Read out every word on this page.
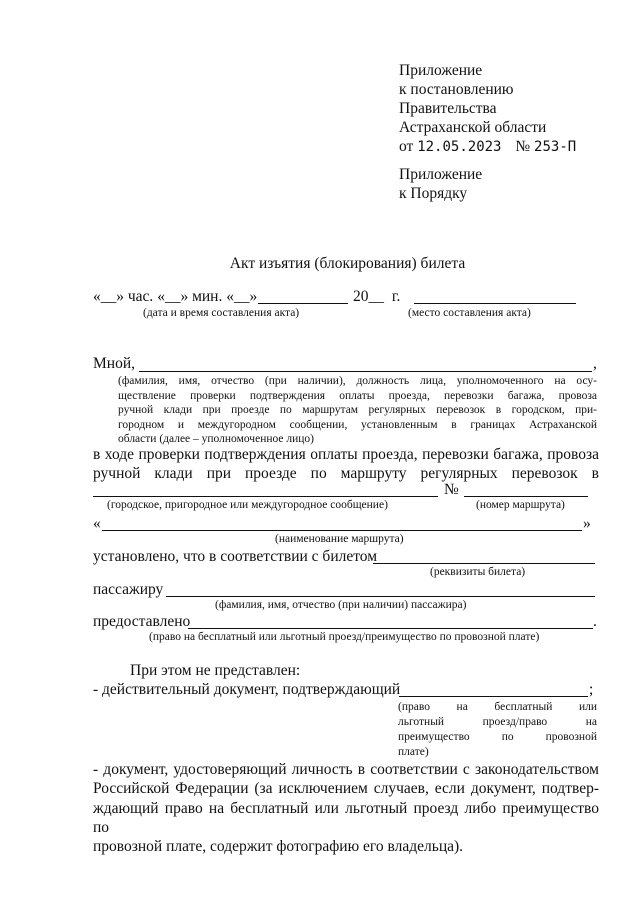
Приложение
к постановлению
Правительства
Астраханской области
от 12.05.2023 № 253-П
Приложение
к Порядку
Акт изъятия (блокирования) билета
«__» час. «__» мин. «__»	20__ г.
(дата и время составления акта)	(место составления акта)
Мной,	,
(фамилия, имя, отчество (при наличии), должность лица, уполномоченного на осу-
ществление проверки подтверждения оплаты проезда, перевозки багажа, провоза
ручной клади при проезде по маршрутам регулярных перевозок в городском, при-
городном и междугородном сообщении, установленным в границах Астраханской
области (далее – уполномоченное лицо)
в ходе проверки подтверждения оплаты проезда, перевозки багажа, провоза
ручной клади при проезде по маршруту регулярных перевозок в
№
(городское, пригородное или междугородное сообщение)	(номер маршрута)
«	»
(наименование маршрута)
установлено, что в соответствии с билетом
(реквизиты билета)
пассажиру
(фамилия, имя, отчество (при наличии) пассажира)
предоставлено	.
(право на бесплатный или льготный проезд/преимущество по провозной плате)
При этом не представлен:
- действительный документ, подтверждающий	;
(право на бесплатный или
льготный проезд/право на
преимущество по провозной
плате)
- документ, удостоверяющий личность в соответствии с законодательством
Российской Федерации (за исключением случаев, если документ, подтвер-
ждающий право на бесплатный или льготный проезд либо преимущество по
провозной плате, содержит фотографию его владельца).
